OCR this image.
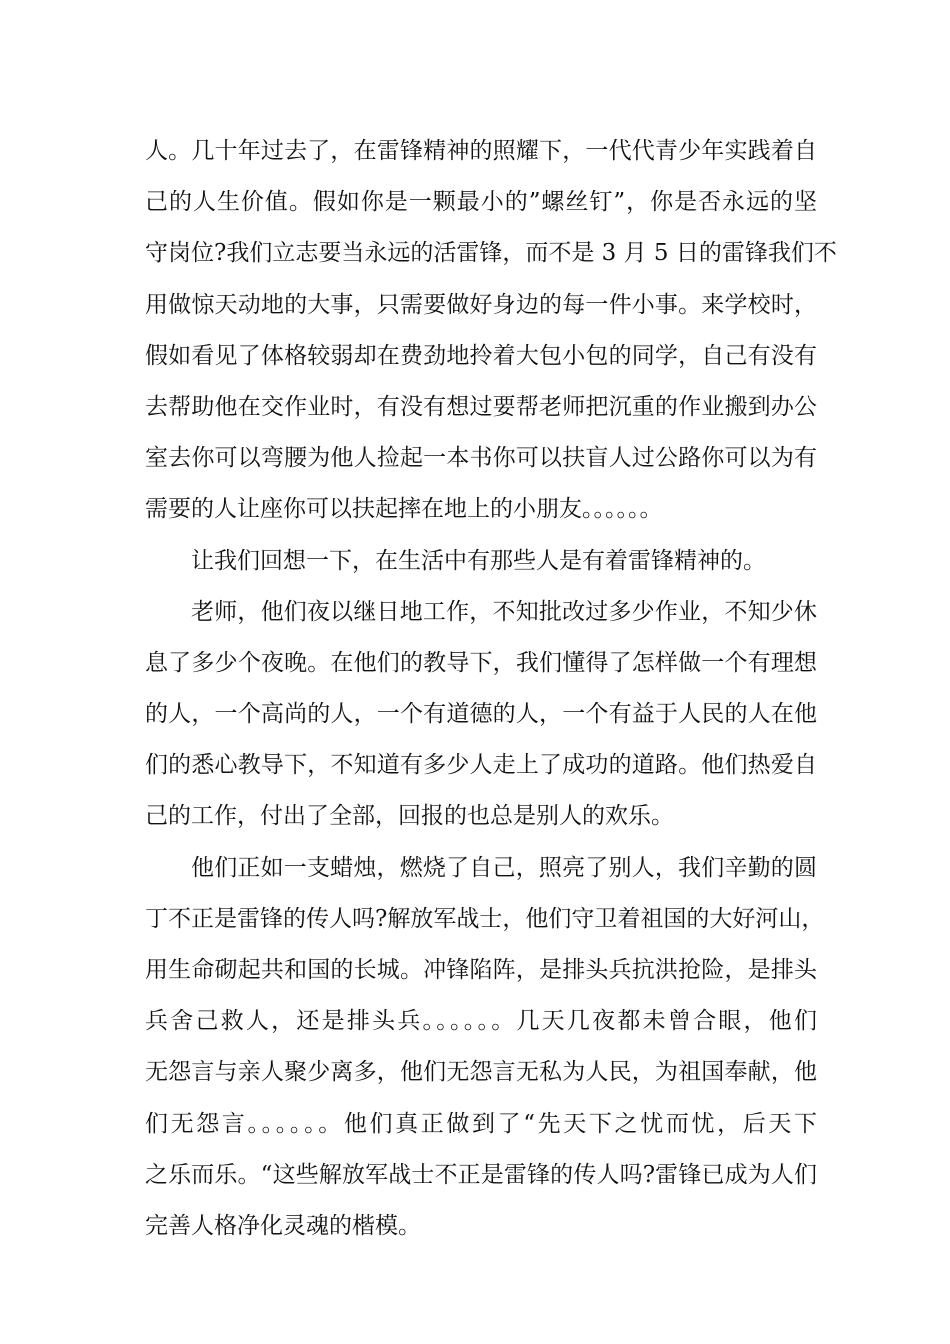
人。几十年过去了，在雷锋精神的照耀下，一代代青少年实践着自
己的人生价值。假如你是一颗最小的”螺丝钉”，你是否永远的坚
守岗位?我们立志要当永远的活雷锋，而不是 3 月 5 日的雷锋我们不
用做惊天动地的大事，只需要做好身边的每一件小事。来学校时，
假如看见了体格较弱却在费劲地拎着大包小包的同学，自己有没有
去帮助他在交作业时，有没有想过要帮老师把沉重的作业搬到办公
室去你可以弯腰为他人捡起一本书你可以扶盲人过公路你可以为有
需要的人让座你可以扶起摔在地上的小朋友。。。。。。
让我们回想一下，在生活中有那些人是有着雷锋精神的。
老师，他们夜以继日地工作，不知批改过多少作业，不知少休
息了多少个夜晚。在他们的教导下，我们懂得了怎样做一个有理想
的人，一个高尚的人，一个有道德的人，一个有益于人民的人在他
们的悉心教导下，不知道有多少人走上了成功的道路。他们热爱自
己的工作，付出了全部，回报的也总是别人的欢乐。
他们正如一支蜡烛，燃烧了自己，照亮了别人，我们辛勤的圆
丁不正是雷锋的传人吗?解放军战士，他们守卫着祖国的大好河山，
用生命砌起共和国的长城。冲锋陷阵，是排头兵抗洪抢险，是排头
兵舍己救人，还是排头兵。。。。。。几天几夜都未曾合眼，他们
无怨言与亲人聚少离多，他们无怨言无私为人民，为祖国奉献，他
们无怨言。。。。。。他们真正做到了“先天下之忧而忧，后天下
之乐而乐。“这些解放军战士不正是雷锋的传人吗?雷锋已成为人们
完善人格净化灵魂的楷模。
